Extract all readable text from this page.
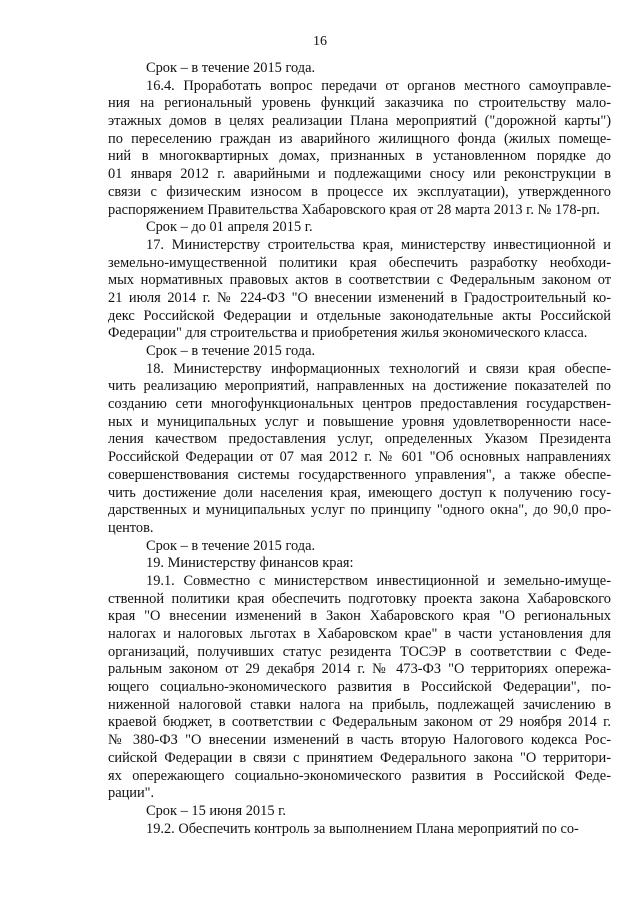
16
Срок – в течение 2015 года.
16.4. Проработать вопрос передачи от органов местного самоуправле-
ния на региональный уровень функций заказчика по строительству мало-
этажных домов в целях реализации Плана мероприятий ("дорожной карты")
по переселению граждан из аварийного жилищного фонда (жилых помеще-
ний в многоквартирных домах, признанных в установленном порядке до
01 января 2012 г. аварийными и подлежащими сносу или реконструкции в
связи с физическим износом в процессе их эксплуатации), утвержденного
распоряжением Правительства Хабаровского края от 28 марта 2013 г. № 178-рп.
Срок – до 01 апреля 2015 г.
17. Министерству строительства края, министерству инвестиционной и
земельно-имущественной политики края обеспечить разработку необходи-
мых нормативных правовых актов в соответствии с Федеральным законом от
21 июля 2014 г. № 224-ФЗ "О внесении изменений в Градостроительный ко-
декс Российской Федерации и отдельные законодательные акты Российской
Федерации" для строительства и приобретения жилья экономического класса.
Срок – в течение 2015 года.
18. Министерству информационных технологий и связи края обеспе-
чить реализацию мероприятий, направленных на достижение показателей по
созданию сети многофункциональных центров предоставления государствен-
ных и муниципальных услуг и повышение уровня удовлетворенности насе-
ления качеством предоставления услуг, определенных Указом Президента
Российской Федерации от 07 мая 2012 г. № 601 "Об основных направлениях
совершенствования системы государственного управления", а также обеспе-
чить достижение доли населения края, имеющего доступ к получению госу-
дарственных и муниципальных услуг по принципу "одного окна", до 90,0 про-
центов.
Срок – в течение 2015 года.
19. Министерству финансов края:
19.1. Совместно с министерством инвестиционной и земельно-имуще-
ственной политики края обеспечить подготовку проекта закона Хабаровского
края "О внесении изменений в Закон Хабаровского края "О региональных
налогах и налоговых льготах в Хабаровском крае" в части установления для
организаций, получивших статус резидента ТОСЭР в соответствии с Феде-
ральным законом от 29 декабря 2014 г. № 473-ФЗ "О территориях опережа-
ющего социально-экономического развития в Российской Федерации", по-
ниженной налоговой ставки налога на прибыль, подлежащей зачислению в
краевой бюджет, в соответствии с Федеральным законом от 29 ноября 2014 г.
№ 380-ФЗ "О внесении изменений в часть вторую Налогового кодекса Рос-
сийской Федерации в связи с принятием Федерального закона "О территори-
ях опережающего социально-экономического развития в Российской Феде-
рации".
Срок – 15 июня 2015 г.
19.2. Обеспечить контроль за выполнением Плана мероприятий по со-
